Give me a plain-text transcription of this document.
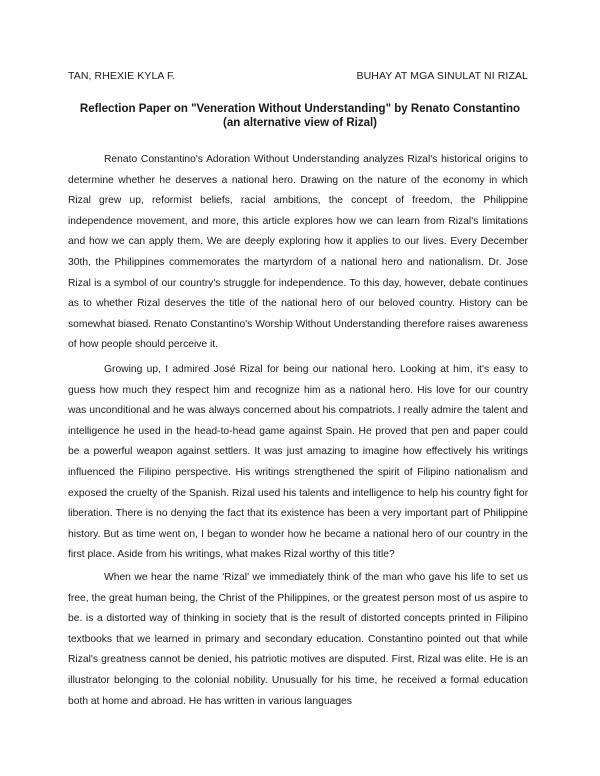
TAN, RHEXIE KYLA F.	BUHAY AT MGA SINULAT NI RIZAL
Reflection Paper on "Veneration Without Understanding" by Renato Constantino
(an alternative view of Rizal)

Renato Constantino's Adoration Without Understanding analyzes Rizal's historical origins to determine whether he deserves a national hero. Drawing on the nature of the economy in which Rizal grew up, reformist beliefs, racial ambitions, the concept of freedom, the Philippine independence movement, and more, this article explores how we can learn from Rizal's limitations and how we can apply them. We are deeply exploring how it applies to our lives. Every December 30th, the Philippines commemorates the martyrdom of a national hero and nationalism. Dr. Jose Rizal is a symbol of our country's struggle for independence. To this day, however, debate continues as to whether Rizal deserves the title of the national hero of our beloved country. History can be somewhat biased. Renato Constantino's Worship Without Understanding therefore raises awareness of how people should perceive it.

Growing up, I admired José Rizal for being our national hero. Looking at him, it's easy to guess how much they respect him and recognize him as a national hero. His love for our country was unconditional and he was always concerned about his compatriots. I really admire the talent and intelligence he used in the head-to-head game against Spain. He proved that pen and paper could be a powerful weapon against settlers. It was just amazing to imagine how effectively his writings influenced the Filipino perspective. His writings strengthened the spirit of Filipino nationalism and exposed the cruelty of the Spanish. Rizal used his talents and intelligence to help his country fight for liberation. There is no denying the fact that its existence has been a very important part of Philippine history. But as time went on, I began to wonder how he became a national hero of our country in the first place. Aside from his writings, what makes Rizal worthy of this title?

When we hear the name 'Rizal' we immediately think of the man who gave his life to set us free, the great human being, the Christ of the Philippines, or the greatest person most of us aspire to be. is a distorted way of thinking in society that is the result of distorted concepts printed in Filipino textbooks that we learned in primary and secondary education. Constantino pointed out that while Rizal's greatness cannot be denied, his patriotic motives are disputed. First, Rizal was elite. He is an illustrator belonging to the colonial nobility. Unusually for his time, he received a formal education both at home and abroad. He has written in various languages
